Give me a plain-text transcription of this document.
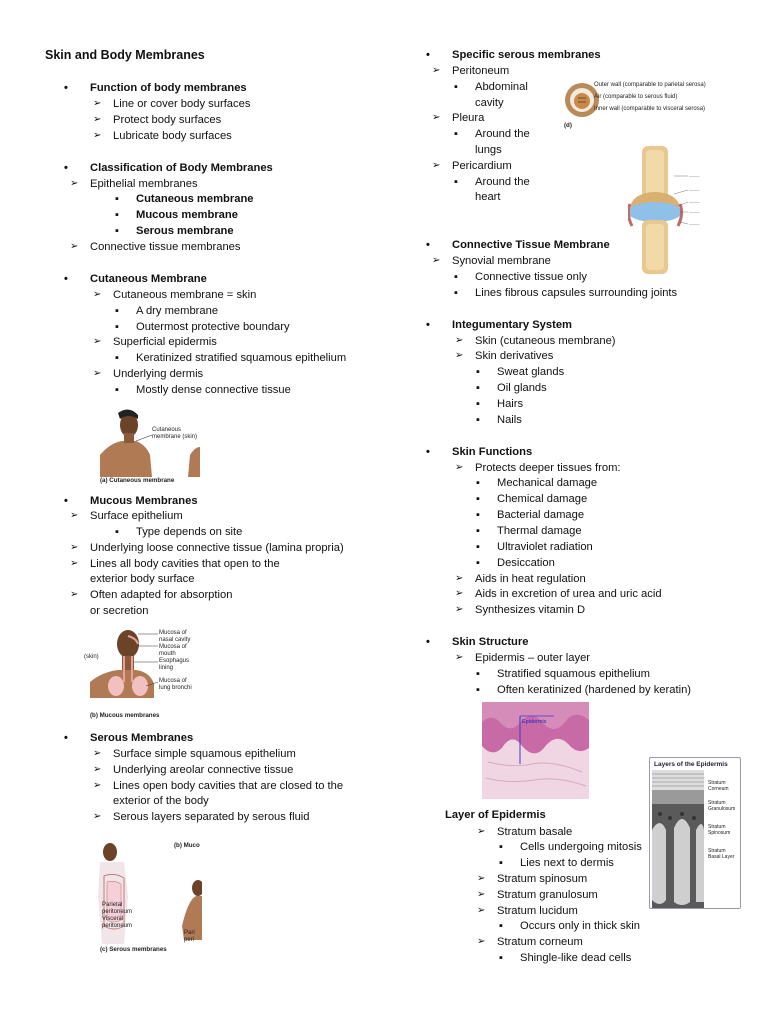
Skin and Body Membranes
• Function of body membranes
➢ Line or cover body surfaces
➢ Protect body surfaces
➢ Lubricate body surfaces
• Classification of Body Membranes
➢ Epithelial membranes
▪ Cutaneous membrane
▪ Mucous membrane
▪ Serous membrane
➢ Connective tissue membranes
• Cutaneous Membrane
➢ Cutaneous membrane = skin
▪ A dry membrane
▪ Outermost protective boundary
➢ Superficial epidermis
▪ Keratinized stratified squamous epithelium
➢ Underlying dermis
▪ Mostly dense connective tissue
Cutaneous membrane (skin)
(a) Cutaneous membrane
• Mucous Membranes
➢ Surface epithelium
▪ Type depends on site
➢ Underlying loose connective tissue (lamina propria)
➢ Lines all body cavities that open to the
exterior body surface
➢ Often adapted for absorption
or secretion
(skin)
Mucosa of nasal cavity
Mucosa of mouth
Esophagus lining
Mucosa of lung bronchi
(b) Mucous membranes
• Serous Membranes
➢ Surface simple squamous epithelium
➢ Underlying areolar connective tissue
➢ Lines open body cavities that are closed to the
exterior of the body
➢ Serous layers separated by serous fluid
(b) Muco
Parietal peritoneum
Visceral peritoneum
Pari peri
(c) Serous membranes
• Specific serous membranes
➢ Peritoneum
▪ Abdominal
cavity
➢ Pleura
▪ Around the
lungs
➢ Pericardium
▪ Around the
heart
Outer wall (comparable to parietal serosa)
Air (comparable to serous fluid)
Inner wall (comparable to visceral serosa)
(d)
~~~~~~
~~~~~~
~~~~~~
~~~~~~
~~~~~~
• Connective Tissue Membrane
➢ Synovial membrane
▪ Connective tissue only
▪ Lines fibrous capsules surrounding joints
• Integumentary System
➢ Skin (cutaneous membrane)
➢ Skin derivatives
▪ Sweat glands
▪ Oil glands
▪ Hairs
▪ Nails
• Skin Functions
➢ Protects deeper tissues from:
▪ Mechanical damage
▪ Chemical damage
▪ Bacterial damage
▪ Thermal damage
▪ Ultraviolet radiation
▪ Desiccation
➢ Aids in heat regulation
➢ Aids in excretion of urea and uric acid
➢ Synthesizes vitamin D
• Skin Structure
➢ Epidermis – outer layer
▪ Stratified squamous epithelium
▪ Often keratinized (hardened by keratin)
Epidermis
Layers of the Epidermis
Stratum Corneum
Stratum Granulosum
Stratum Spinosum
Stratum Basal Layer
Layer of Epidermis
➢ Stratum basale
▪ Cells undergoing mitosis
▪ Lies next to dermis
➢ Stratum spinosum
➢ Stratum granulosum
➢ Stratum lucidum
▪ Occurs only in thick skin
➢ Stratum corneum
▪ Shingle-like dead cells
